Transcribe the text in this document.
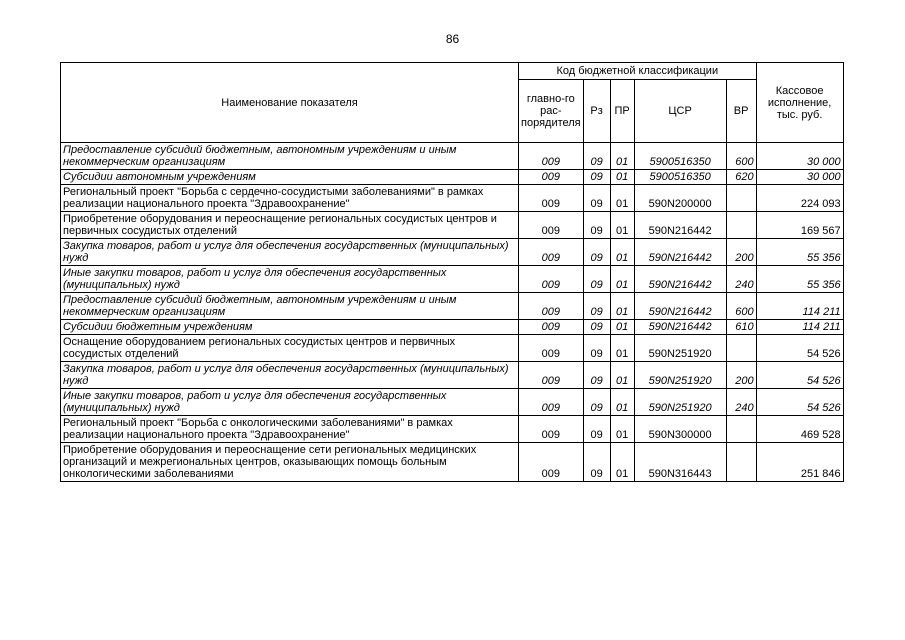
86
Наименование показателя	Код бюджетной классификации					Кассовое исполнение, тыс. руб.
	главно-го рас-порядителя	Рз	ПР	ЦСР	ВР	
Предоставление субсидий бюджетным, автономным учреждениям и иным некоммерческим организациям	009	09	01	5900516350	600	30 000
Субсидии автономным учреждениям	009	09	01	5900516350	620	30 000
Региональный проект "Борьба с сердечно-сосудистыми заболеваниями" в рамках реализации национального проекта "Здравоохранение"	009	09	01	590N200000		224 093
Приобретение оборудования и переоснащение региональных сосудистых центров и первичных сосудистых отделений	009	09	01	590N216442		169 567
Закупка товаров, работ и услуг для обеспечения государственных (муниципальных) нужд	009	09	01	590N216442	200	55 356
Иные закупки товаров, работ и услуг для обеспечения государственных (муниципальных) нужд	009	09	01	590N216442	240	55 356
Предоставление субсидий бюджетным, автономным учреждениям и иным некоммерческим организациям	009	09	01	590N216442	600	114 211
Субсидии бюджетным учреждениям	009	09	01	590N216442	610	114 211
Оснащение оборудованием региональных сосудистых центров и первичных сосудистых отделений	009	09	01	590N251920		54 526
Закупка товаров, работ и услуг для обеспечения государственных (муниципальных) нужд	009	09	01	590N251920	200	54 526
Иные закупки товаров, работ и услуг для обеспечения государственных (муниципальных) нужд	009	09	01	590N251920	240	54 526
Региональный проект "Борьба с онкологическими заболеваниями" в рамках реализации национального проекта "Здравоохранение"	009	09	01	590N300000		469 528
Приобретение оборудования и переоснащение сети региональных медицинских организаций и межрегиональных центров, оказывающих помощь больным онкологическими заболеваниями	009	09	01	590N316443		251 846
